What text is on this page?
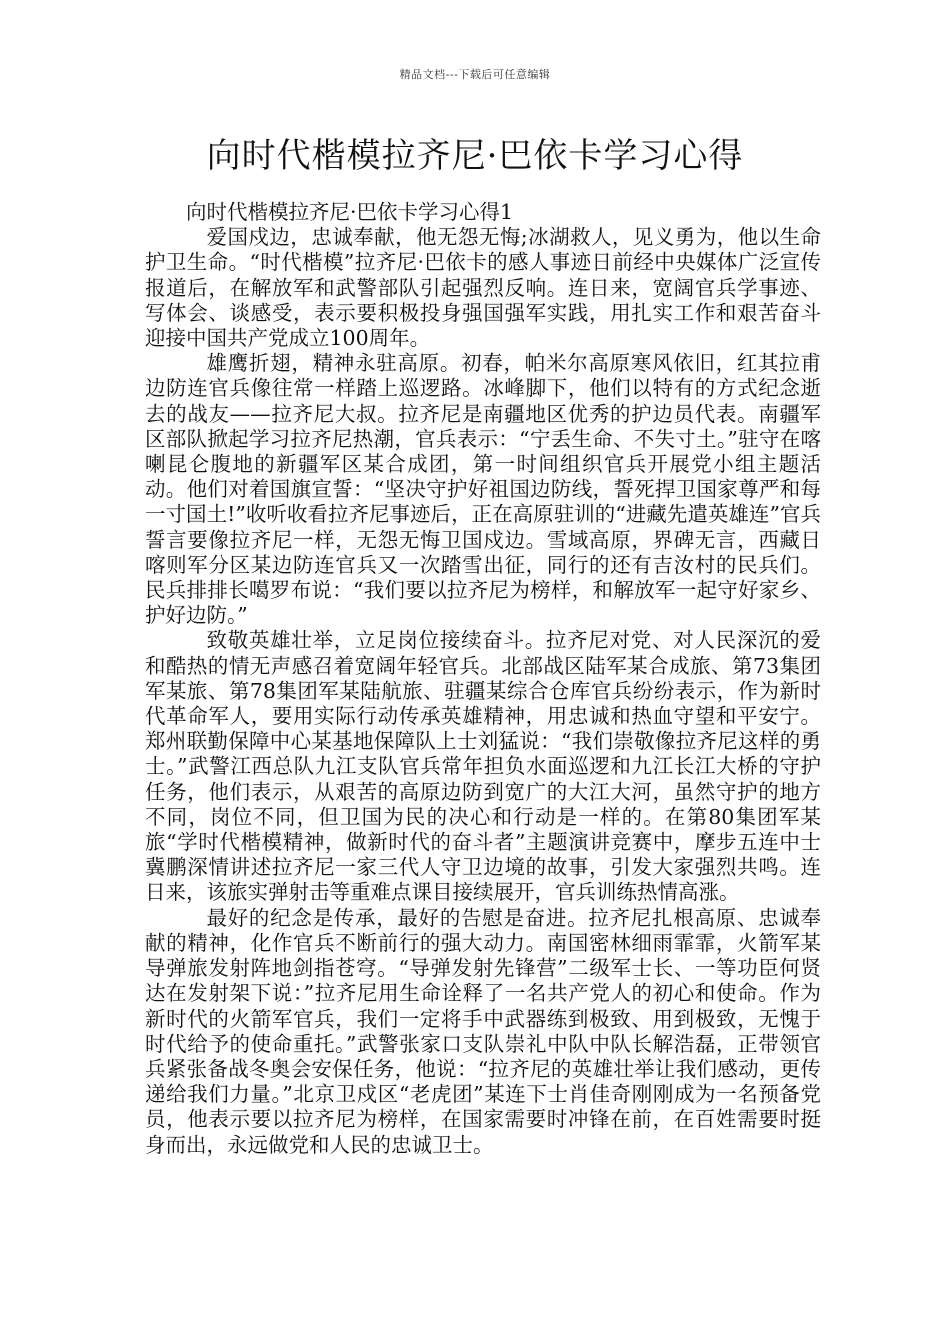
精品文档---下载后可任意编辑
向时代楷模拉齐尼·巴依卡学习心得

向时代楷模拉齐尼·巴依卡学习心得1

爱国戍边，忠诚奉献，他无怨无悔;冰湖救人，见义勇为，他以生命护卫生命。“时代楷模”拉齐尼·巴依卡的感人事迹日前经中央媒体广泛宣传报道后，在解放军和武警部队引起强烈反响。连日来，宽阔官兵学事迹、写体会、谈感受，表示要积极投身强国强军实践，用扎实工作和艰苦奋斗迎接中国共产党成立100周年。

雄鹰折翅，精神永驻高原。初春，帕米尔高原寒风依旧，红其拉甫边防连官兵像往常一样踏上巡逻路。冰峰脚下，他们以特有的方式纪念逝去的战友——拉齐尼大叔。拉齐尼是南疆地区优秀的护边员代表。南疆军区部队掀起学习拉齐尼热潮，官兵表示：“宁丢生命、不失寸土。”驻守在喀喇昆仑腹地的新疆军区某合成团，第一时间组织官兵开展党小组主题活动。他们对着国旗宣誓：“坚决守护好祖国边防线，誓死捍卫国家尊严和每一寸国土!”收听收看拉齐尼事迹后，正在高原驻训的“进藏先遣英雄连”官兵誓言要像拉齐尼一样，无怨无悔卫国戍边。雪域高原，界碑无言，西藏日喀则军分区某边防连官兵又一次踏雪出征，同行的还有吉汝村的民兵们。民兵排排长噶罗布说：“我们要以拉齐尼为榜样，和解放军一起守好家乡、护好边防。”

致敬英雄壮举，立足岗位接续奋斗。拉齐尼对党、对人民深沉的爱和酷热的情无声感召着宽阔年轻官兵。北部战区陆军某合成旅、第73集团军某旅、第78集团军某陆航旅、驻疆某综合仓库官兵纷纷表示，作为新时代革命军人，要用实际行动传承英雄精神，用忠诚和热血守望和平安宁。郑州联勤保障中心某基地保障队上士刘猛说：“我们崇敬像拉齐尼这样的勇士。”武警江西总队九江支队官兵常年担负水面巡逻和九江长江大桥的守护任务，他们表示，从艰苦的高原边防到宽广的大江大河，虽然守护的地方不同，岗位不同，但卫国为民的决心和行动是一样的。在第80集团军某旅“学时代楷模精神，做新时代的奋斗者”主题演讲竞赛中，摩步五连中士冀鹏深情讲述拉齐尼一家三代人守卫边境的故事，引发大家强烈共鸣。连日来，该旅实弹射击等重难点课目接续展开，官兵训练热情高涨。

最好的纪念是传承，最好的告慰是奋进。拉齐尼扎根高原、忠诚奉献的精神，化作官兵不断前行的强大动力。南国密林细雨霏霏，火箭军某导弹旅发射阵地剑指苍穹。“导弹发射先锋营”二级军士长、一等功臣何贤达在发射架下说：”拉齐尼用生命诠释了一名共产党人的初心和使命。作为新时代的火箭军官兵，我们一定将手中武器练到极致、用到极致，无愧于时代给予的使命重托。”武警张家口支队崇礼中队中队长解浩磊，正带领官兵紧张备战冬奥会安保任务，他说：“拉齐尼的英雄壮举让我们感动，更传递给我们力量。”北京卫戍区“老虎团”某连下士肖佳奇刚刚成为一名预备党员，他表示要以拉齐尼为榜样，在国家需要时冲锋在前，在百姓需要时挺身而出，永远做党和人民的忠诚卫士。
